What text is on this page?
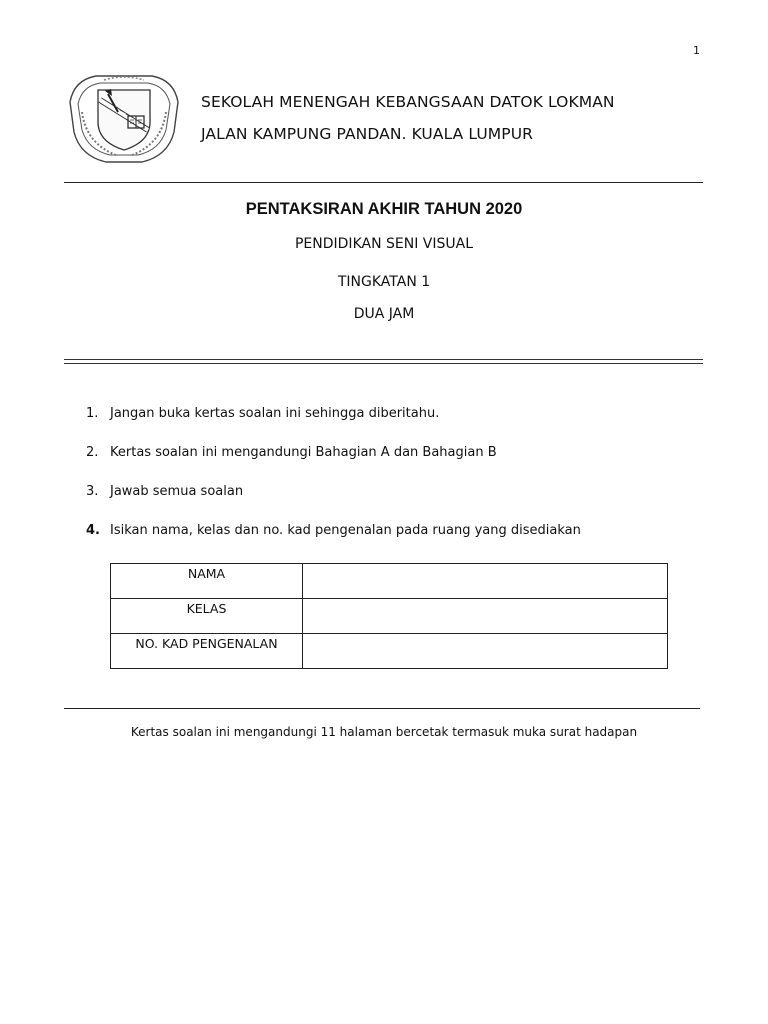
1
SEKOLAH MENENGAH KEBANGSAAN DATOK LOKMAN
JALAN KAMPUNG PANDAN. KUALA LUMPUR
PENTAKSIRAN AKHIR TAHUN 2020
PENDIDIKAN SENI VISUAL
TINGKATAN 1
DUA JAM
1. Jangan buka kertas soalan ini sehingga diberitahu.
2. Kertas soalan ini mengandungi Bahagian A dan Bahagian B
3. Jawab semua soalan
4. Isikan nama, kelas dan no. kad pengenalan pada ruang yang disediakan
NAMA	
KELAS	
NO. KAD PENGENALAN	
Kertas soalan ini mengandungi 11 halaman bercetak termasuk muka surat hadapan
